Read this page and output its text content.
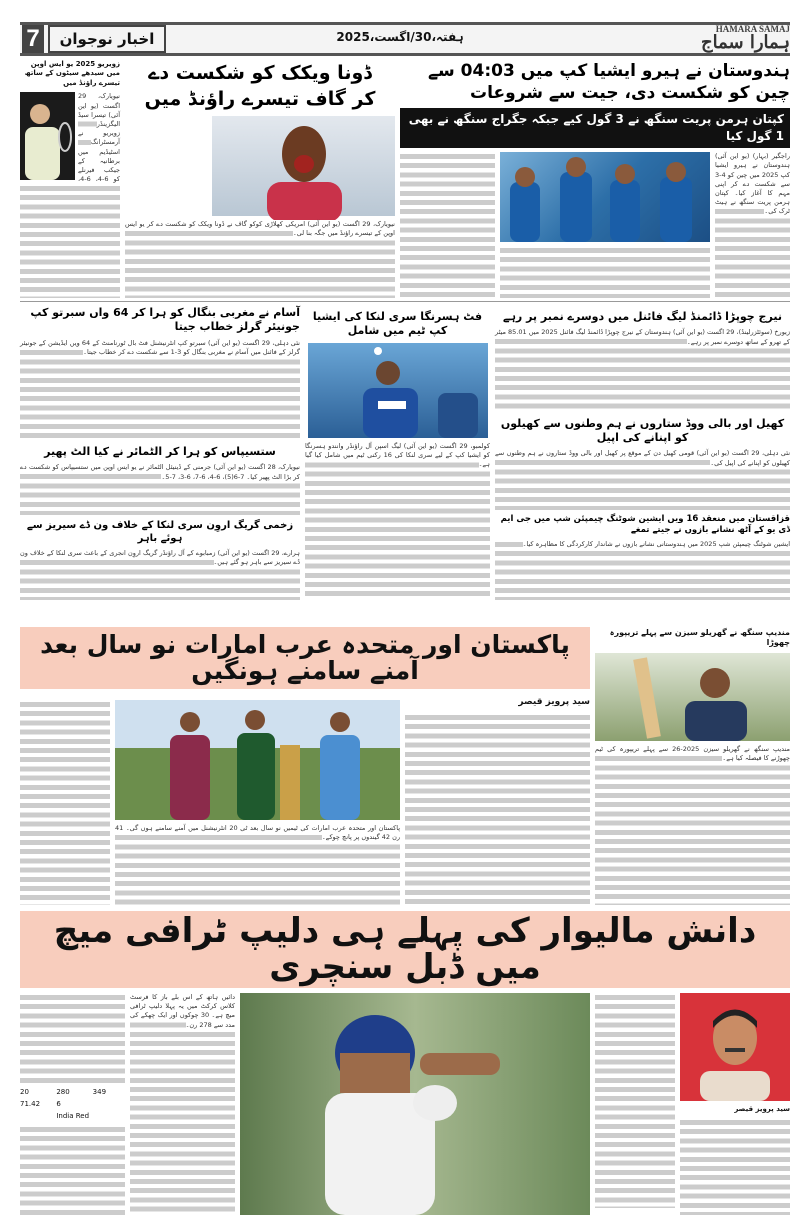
7	اخبار نوجوان	ہفتہ،30/اگست،2025
HAMARA SAMAJ
ہمارا سماج
ہندوستان نے ہیرو ایشیا کپ میں 04:03 سے چین کو شکست دی، جیت سے شروعات
کپتان ہرمن پریت سنگھ نے 3 گول کیے جبکہ جگراج سنگھ نے بھی 1 گول کیا
راجگیر (بہار) (یو این آئی) ہندوستان نے ہیرو ایشیا کپ 2025 میں چین کو 4-3 سے شکست دے کر اپنی مہم کا آغاز کیا۔ کپتان ہرمن پریت سنگھ نے ہیٹ ٹرک کی۔
ڈونا ویکک کو شکست دے
کر گاف تیسرے راؤنڈ میں
نیویارک، 29 اگست (یو این آئی) امریکی کھلاڑی کوکو گاف نے ڈونا ویکک کو شکست دے کر یو ایس اوپن کے تیسرے راؤنڈ میں جگہ بنا لی۔
زویریو 2025 یو ایس اوپن میں سیدھے سیٹوں کے ساتھ تیسرے راؤنڈ میں
نیویارک، 29 اگست (یو این آئی) تیسرا سیڈ الیگزینڈر زویریو نے آرمسٹرانگ اسٹیڈیم میں برطانیہ کے جیکب فیرنلے کو 6-4، 6-4،
آسام نے مغربی بنگال کو ہرا کر 64 واں سبرتو کپ جونیئر گرلز خطاب جیتا
نئی دہلی، 29 اگست (یو این آئی) سبرتو کپ انٹرنیشنل فٹ بال ٹورنامنٹ کے 64 ویں ایڈیشن کے جونیئر گرلز کے فائنل میں آسام نے مغربی بنگال کو 3-1 سے شکست دے کر خطاب جیتا۔
ستسیپاس کو ہرا کر الٹمائر نے کیا الٹ پھیر
نیویارک، 28 اگست (یو این آئی) جرمنی کے ڈینیئل الٹمائر نے یو ایس اوپن میں ستسیپاس کو شکست دے کر بڑا الٹ پھیر کیا۔ 7-6(5)، 6-4، 6-7، 6-3، 7-5۔
زخمی گریگ اروِن سری لنکا کے خلاف ون ڈے سیریز سے ہوئے باہر
ہرارے، 29 اگست (یو این آئی) زمبابوے کے آل راؤنڈر گریگ اروِن انجری کے باعث سری لنکا کے خلاف ون ڈے سیریز سے باہر ہو گئے ہیں۔
فٹ ہسرنگا سری لنکا کی ایشیا کپ ٹیم میں شامل
کولمبو، 29 اگست (یو این آئی) لیگ اسپن آل راؤنڈر وانندو ہسرنگا کو ایشیا کپ کے لیے سری لنکا کی 16 رکنی ٹیم میں شامل کیا گیا ہے۔
نیرج چوپڑا ڈائمنڈ لیگ فائنل میں دوسرے نمبر پر رہے
زیورخ (سوئٹزرلینڈ)، 29 اگست (یو این آئی) ہندوستان کے نیرج چوپڑا ڈائمنڈ لیگ فائنل 2025 میں 85.01 میٹر کے تھرو کے ساتھ دوسرے نمبر پر رہے۔
کھیل اور بالی ووڈ ستاروں نے ہم وطنوں سے کھیلوں کو اپنانے کی اپیل
نئی دہلی، 29 اگست (یو این آئی) قومی کھیل دن کے موقع پر کھیل اور بالی ووڈ ستاروں نے ہم وطنوں سے کھیلوں کو اپنانے کی اپیل کی۔
قزاقستان میں منعقد 16 ویں ایشین شوٹنگ چیمپئن شپ میں جی ایم ڈی یو کے آٹھ نشانے بازوں نے جیتے تمغے
ایشین شوٹنگ چیمپئن شپ 2025 میں ہندوستانی نشانے بازوں نے شاندار کارکردگی کا مظاہرہ کیا۔
پاکستان اور متحدہ عرب امارات نو سال بعد آمنے سامنے ہونگیں
مندیپ سنگھ نے گھریلو سیزن سے پہلے تریپورہ چھوڑا
مندیپ سنگھ نے گھریلو سیزن 2025-26 سے پہلے تریپورہ کی ٹیم چھوڑنے کا فیصلہ کیا ہے۔
پاکستان اور متحدہ عرب امارات کی ٹیمیں نو سال بعد ٹی 20 انٹرنیشنل میں آمنے سامنے ہوں گی۔ 41 رن 42 گیندوں پر پانچ چوکے۔
سید پرویز قیصر
دانش مالیوار کی پہلے ہی دلیپ ٹرافی میچ میں ڈبل سنچری
20	280	349
71.42	6
India Red
دائیں ہاتھ کے اس بلے باز کا فرسٹ کلاس کرکٹ میں یہ پہلا دلیپ ٹرافی میچ ہے۔ 30 چوکوں اور ایک چھکے کی مدد سے 278 رن۔
سید پرویز قیصر
